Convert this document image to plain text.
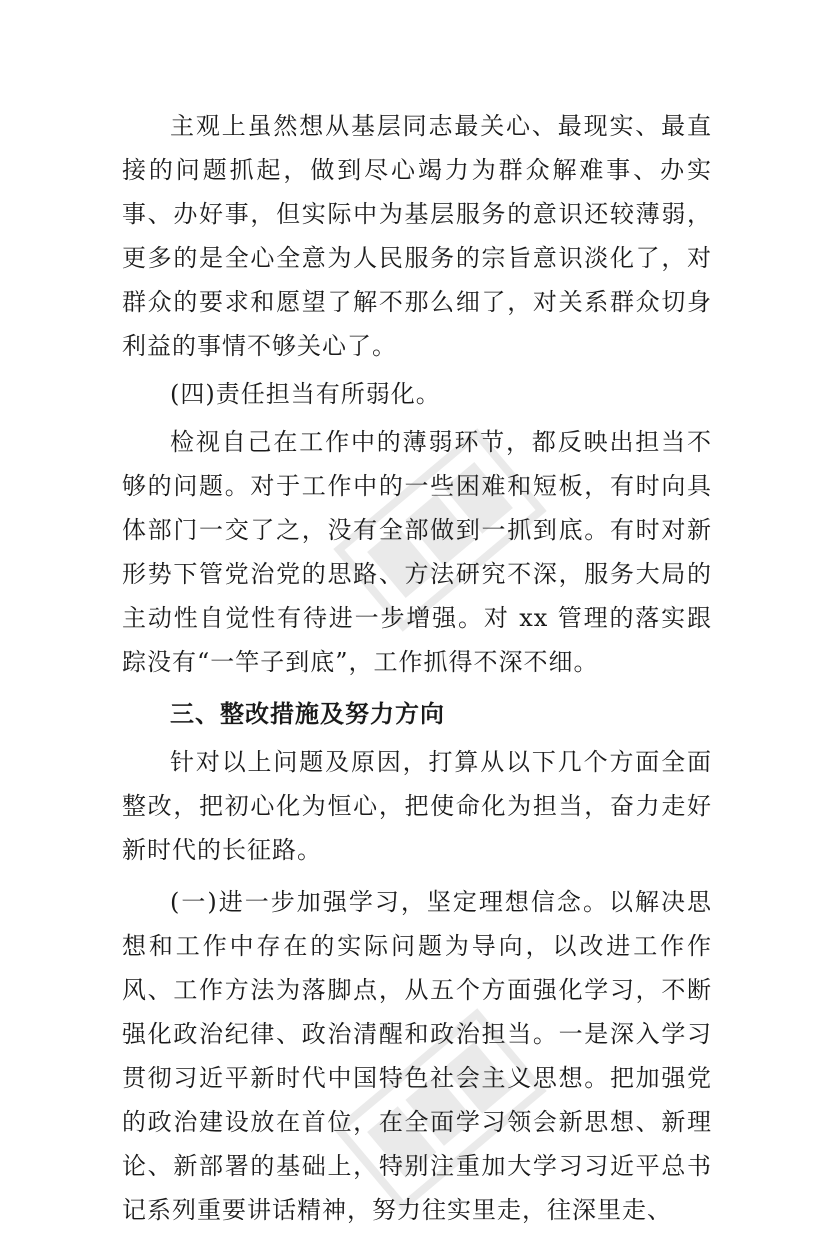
主观上虽然想从基层同志最关心、最现实、最直接的问题抓起，做到尽心竭力为群众解难事、办实事、办好事，但实际中为基层服务的意识还较薄弱，更多的是全心全意为人民服务的宗旨意识淡化了，对群众的要求和愿望了解不那么细了，对关系群众切身利益的事情不够关心了。

(四)责任担当有所弱化。

检视自己在工作中的薄弱环节，都反映出担当不够的问题。对于工作中的一些困难和短板，有时向具体部门一交了之，没有全部做到一抓到底。有时对新形势下管党治党的思路、方法研究不深，服务大局的主动性自觉性有待进一步增强。对 xx 管理的落实跟踪没有“一竿子到底”，工作抓得不深不细。

三、整改措施及努力方向

针对以上问题及原因，打算从以下几个方面全面整改，把初心化为恒心，把使命化为担当，奋力走好新时代的长征路。

(一)进一步加强学习，坚定理想信念。以解决思想和工作中存在的实际问题为导向，以改进工作作风、工作方法为落脚点，从五个方面强化学习，不断强化政治纪律、政治清醒和政治担当。一是深入学习贯彻习近平新时代中国特色社会主义思想。把加强党的政治建设放在首位，在全面学习领会新思想、新理论、新部署的基础上，特别注重加大学习习近平总书记系列重要讲话精神，努力往实里走，往深里走、
